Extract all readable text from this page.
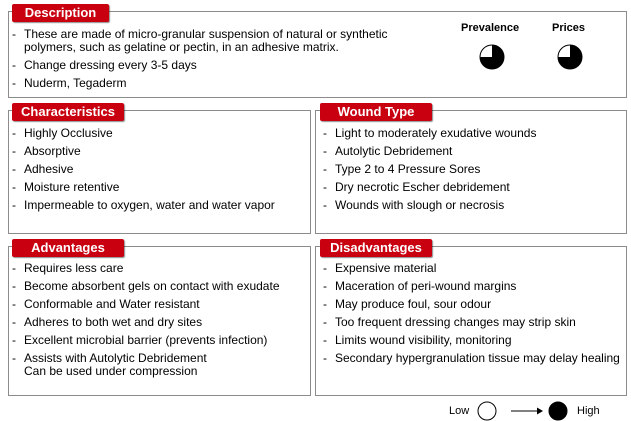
Description
- These are made of micro-granular suspension of natural or synthetic polymers, such as gelatine or pectin, in an adhesive matrix.
- Change dressing every 3-5 days
- Nuderm, Tegaderm
Prevalence	Prices
Characteristics
- Highly Occlusive
- Absorptive
- Adhesive
- Moisture retentive
- Impermeable to oxygen, water and water vapor
Wound Type
- Light to moderately exudative wounds
- Autolytic Debridement
- Type 2 to 4 Pressure Sores
- Dry necrotic Escher debridement
- Wounds with slough or necrosis
Advantages
- Requires less care
- Become absorbent gels on contact with exudate
- Conformable and Water resistant
- Adheres to both wet and dry sites
- Excellent microbial barrier (prevents infection)
- Assists with Autolytic Debridement
Can be used under compression
Disadvantages
- Expensive material
- Maceration of peri-wound margins
- May produce foul, sour odour
- Too frequent dressing changes may strip skin
- Limits wound visibility, monitoring
- Secondary hypergranulation tissue may delay healing
Low	High
